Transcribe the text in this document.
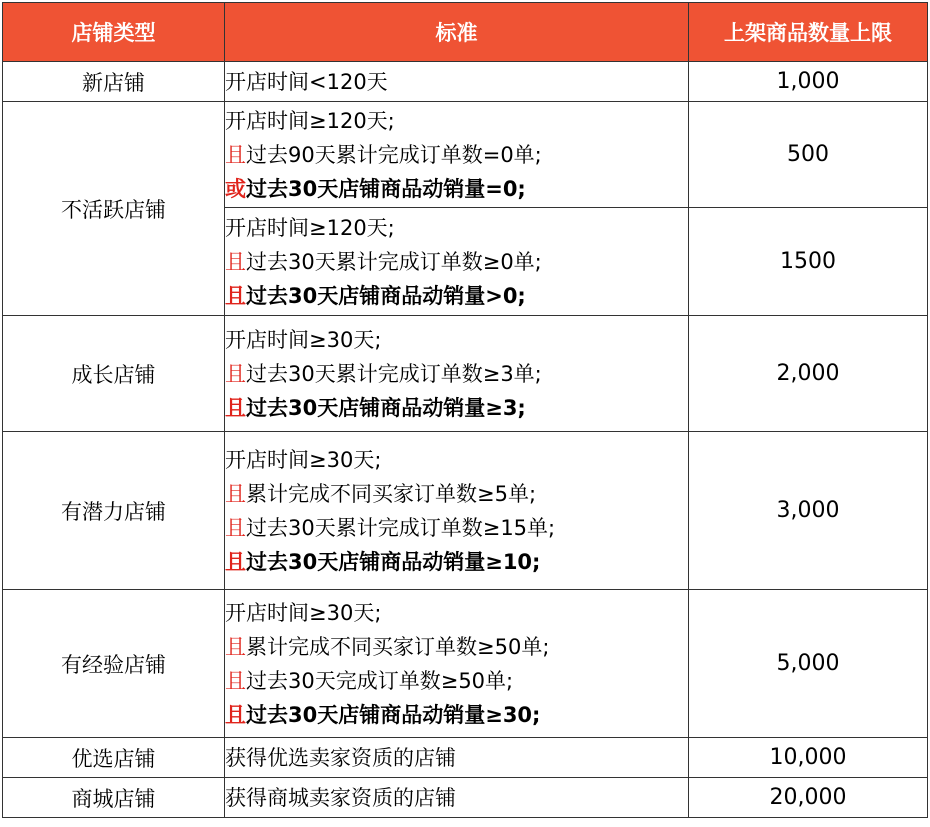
店铺类型	标准	上架商品数量上限
新店铺	开店时间<120天	1,000
不活跃店铺	开店时间≥120天;
且过去90天累计完成订单数=0单;
或过去30天店铺商品动销量=0;	500

	开店时间≥120天;
且过去30天累计完成订单数≥0单;
且过去30天店铺商品动销量>0;	1500
成长店铺	开店时间≥30天;
且过去30天累计完成订单数≥3单;
且过去30天店铺商品动销量≥3;	2,000
有潜力店铺	开店时间≥30天;
且累计完成不同买家订单数≥5单;
且过去30天累计完成订单数≥15单;
且过去30天店铺商品动销量≥10;	3,000
有经验店铺	开店时间≥30天;
且累计完成不同买家订单数≥50单;
且过去30天完成订单数≥50单;
且过去30天店铺商品动销量≥30;	5,000
优选店铺	获得优选卖家资质的店铺	10,000
商城店铺	获得商城卖家资质的店铺	20,000
